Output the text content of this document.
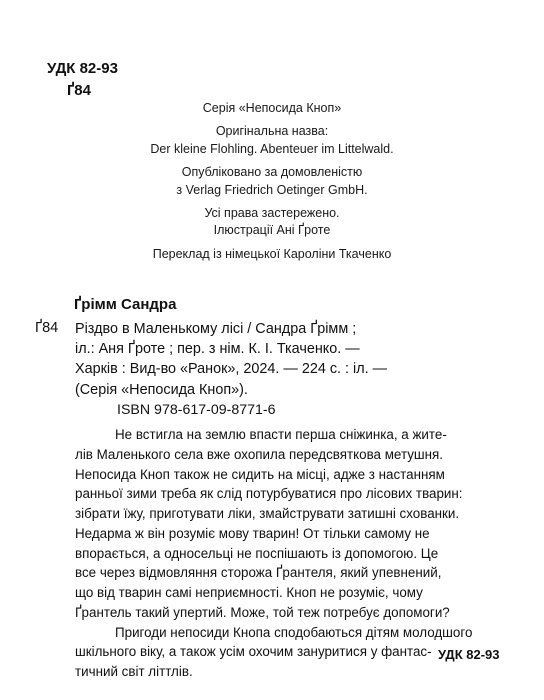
УДК 82-93
Ґ84
Серія «Непосида Кноп»
Оригінальна назва:
Der kleine Flohling. Abenteuer im Littelwald.
Опубліковано за домовленістю
з Verlag Friedrich Oetinger GmbH.
Усі права застережено.
Ілюстрації Ані Ґроте
Переклад із німецької Кароліни Ткаченко
Ґрімм Сандра
Ґ84 Різдво в Маленькому лісі / Сандра Ґрімм ;
іл.: Аня Ґроте ; пер. з нім. К. І. Ткаченко. —
Харків : Вид-во «Ранок», 2024. — 224 с. : іл. —
(Серія «Непосида Кноп»).
ISBN 978-617-09-8771-6
Не встигла на землю впасти перша сніжинка, а жите-
лів Маленького села вже охопила передсвяткова метушня.
Непосида Кноп також не сидить на місці, адже з настанням
ранньої зими треба як слід потурбуватися про лісових тварин:
зібрати їжу, приготувати ліки, змайструвати затишні схованки.
Недарма ж він розуміє мову тварин! От тільки самому не
впорається, а односельці не поспішають із допомогою. Це
все через відмовляння сторожа Ґрантеля, який упевнений,
що від тварин самі неприємності. Кноп не розуміє, чому
Ґрантель такий упертий. Може, той теж потребує допомоги?
Пригоди непосиди Кнопа сподобаються дітям молодшого
шкільного віку, а також усім охочим зануритися у фантас-
тичний світ літтлів.
УДК 82-93
